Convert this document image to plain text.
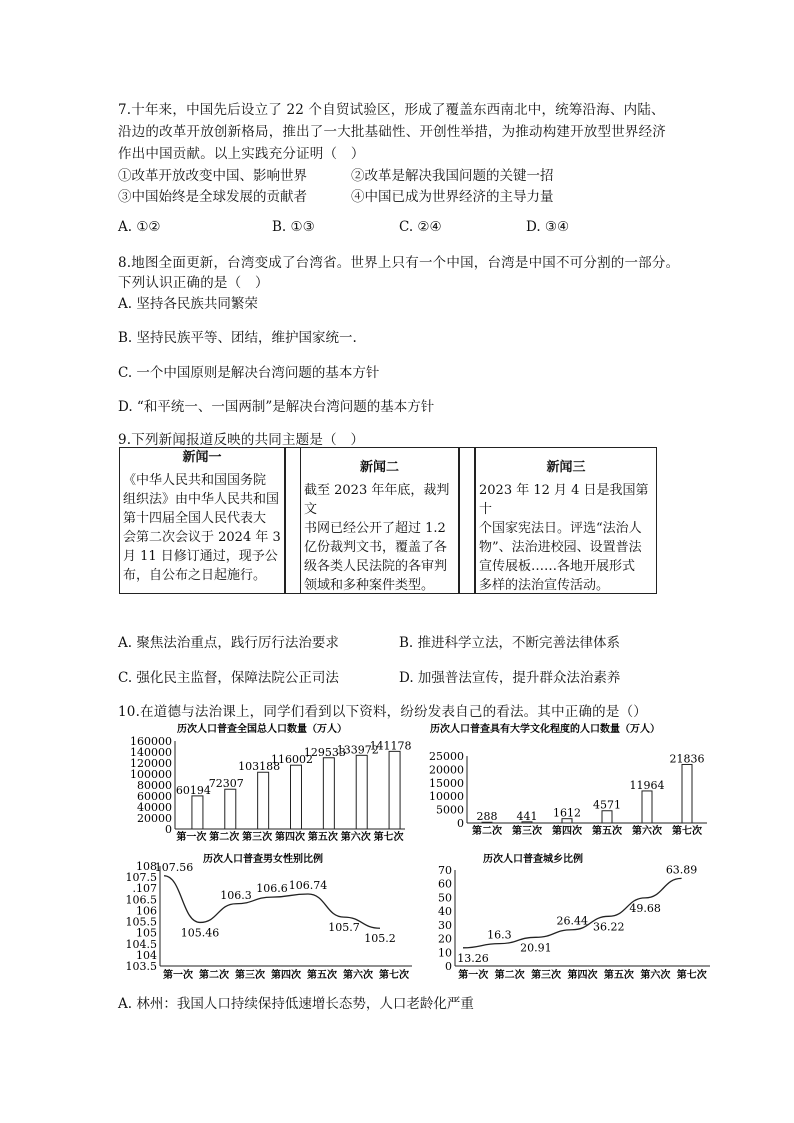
7.十年来，中国先后设立了 22 个自贸试验区，形成了覆盖东西南北中，统筹沿海、内陆、
沿边的改革开放创新格局，推出了一大批基础性、开创性举措，为推动构建开放型世界经济
作出中国贡献。以上实践充分证明（　）
①改革开放改变中国、影响世界	②改革是解决我国问题的关键一招
③中国始终是全球发展的贡献者	④中国已成为世界经济的主导力量
A. ①②	B. ①③	C. ②④	D. ③④
8.地图全面更新，台湾变成了台湾省。世界上只有一个中国，台湾是中国不可分割的一部分。
下列认识正确的是（　）
A. 坚持各民族共同繁荣
B. 坚持民族平等、团结，维护国家统一.
C. 一个中国原则是解决台湾问题的基本方针
D. “和平统一、一国两制”是解决台湾问题的基本方针
9.下列新闻报道反映的共同主题是（　）
新闻一
《中华人民共和国国务院
组织法》由中华人民共和国
第十四届全国人民代表大
会第二次会议于 2024 年 3
月 11 日修订通过，现予公
布，自公布之日起施行。
新闻二
截至 2023 年年底，裁判文
书网已经公开了超过 1.2
亿份裁判文书，覆盖了各
级各类人民法院的各审判
领域和多种案件类型。
新闻三
2023 年 12 月 4 日是我国第十
个国家宪法日。评选“法治人
物”、法治进校园、设置普法
宣传展板……各地开展形式
多样的法治宣传活动。
A. 聚焦法治重点，践行厉行法治要求	B. 推进科学立法，不断完善法律体系
C. 强化民主监督，保障法院公正司法	D. 加强普法宣传，提升群众法治素养
10.在道德与法治课上，同学们看到以下资料，纷纷发表自己的看法。其中正确的是（）
历次人口普查全国总人口数量（万人）
160000
140000
120000
100000
80000
60000
40000
20000
0
第一次 第二次 第三次 第四次 第五次 第六次 第七次
60194
72307
103188
116002
129533
133972
141178
历次人口普查具有大学文化程度的人口数量（万人）
25000
20000
15000
10000
5000
0
第二次 第三次 第四次 第五次 第六次 第七次
288 441 1612
4571
11964
21836
历次人口普查男女性别比例
108
107.5
.107
106.5
106
105.5
105
104.5
104
103.5
第一次 第二次 第三次 第四次 第五次 第六次 第七次
107.56
105.46
106.3
106.6 106.74
105.7
105.2
历次人口普查城乡比例
70
60
50
40
30
20
10
0
第一次 第二次 第三次 第四次 第五次 第六次 第七次
13.26
16.3
20.91
26.44 36.22
49.68
63.89
A. 林州：我国人口持续保持低速增长态势，人口老龄化严重
